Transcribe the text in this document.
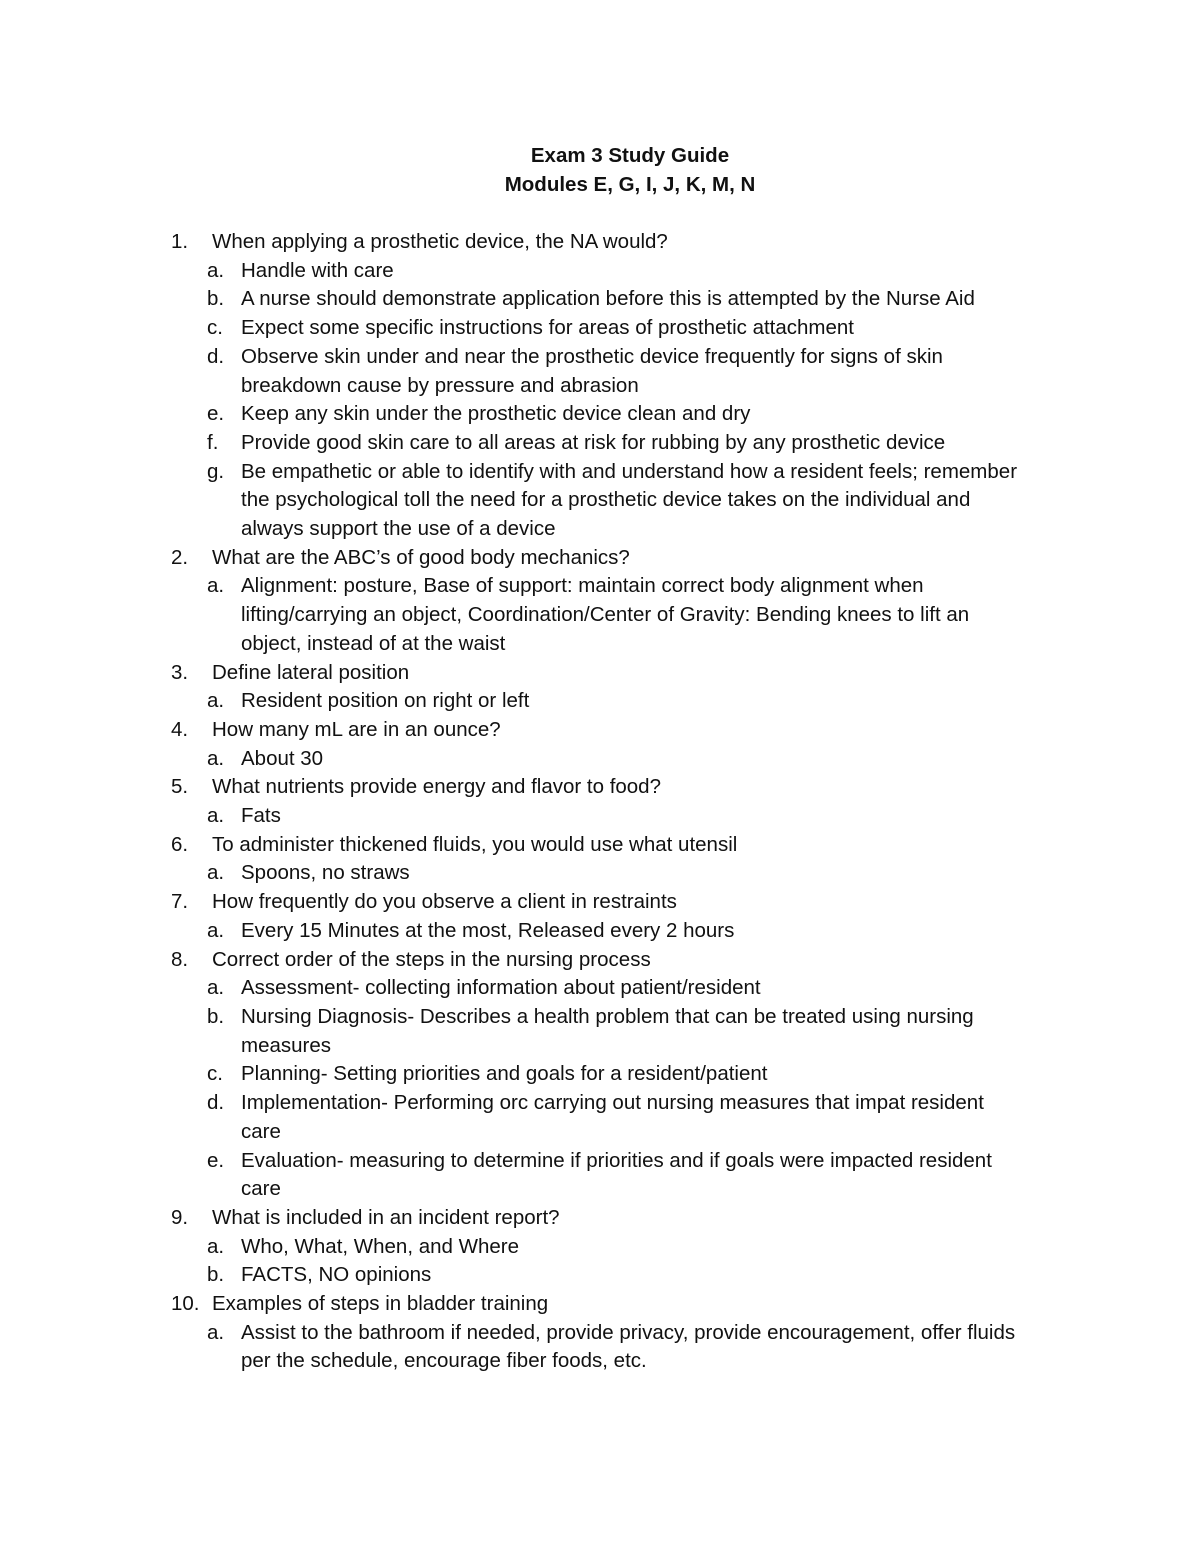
Exam 3 Study Guide
Modules E, G, I, J, K, M, N
1.	When applying a prosthetic device, the NA would?
a. Handle with care
b. A nurse should demonstrate application before this is attempted by the Nurse Aid
c. Expect some specific instructions for areas of prosthetic attachment
d. Observe skin under and near the prosthetic device frequently for signs of skin breakdown cause by pressure and abrasion
e. Keep any skin under the prosthetic device clean and dry
f.	Provide good skin care to all areas at risk for rubbing by any prosthetic device
g. Be empathetic or able to identify with and understand how a resident feels; remember the psychological toll the need for a prosthetic device takes on the individual and always support the use of a device
2.	What are the ABC’s of good body mechanics?
a. Alignment: posture, Base of support: maintain correct body alignment when lifting/carrying an object, Coordination/Center of Gravity: Bending knees to lift an object, instead of at the waist
3.	Define lateral position
a. Resident position on right or left
4.	How many mL are in an ounce?
a. About 30
5.	What nutrients provide energy and flavor to food?
a. Fats
6.	To administer thickened fluids, you would use what utensil
a. Spoons, no straws
7.	How frequently do you observe a client in restraints
a. Every 15 Minutes at the most, Released every 2 hours
8.	Correct order of the steps in the nursing process
a. Assessment- collecting information about patient/resident
b. Nursing Diagnosis- Describes a health problem that can be treated using nursing measures
c. Planning- Setting priorities and goals for a resident/patient
d. Implementation- Performing orc carrying out nursing measures that impat resident care
e. Evaluation- measuring to determine if priorities and if goals were impacted resident care
9.	What is included in an incident report?
a. Who, What, When, and Where
b. FACTS, NO opinions
10. Examples of steps in bladder training
a. Assist to the bathroom if needed, provide privacy, provide encouragement, offer fluids per the schedule, encourage fiber foods, etc.
